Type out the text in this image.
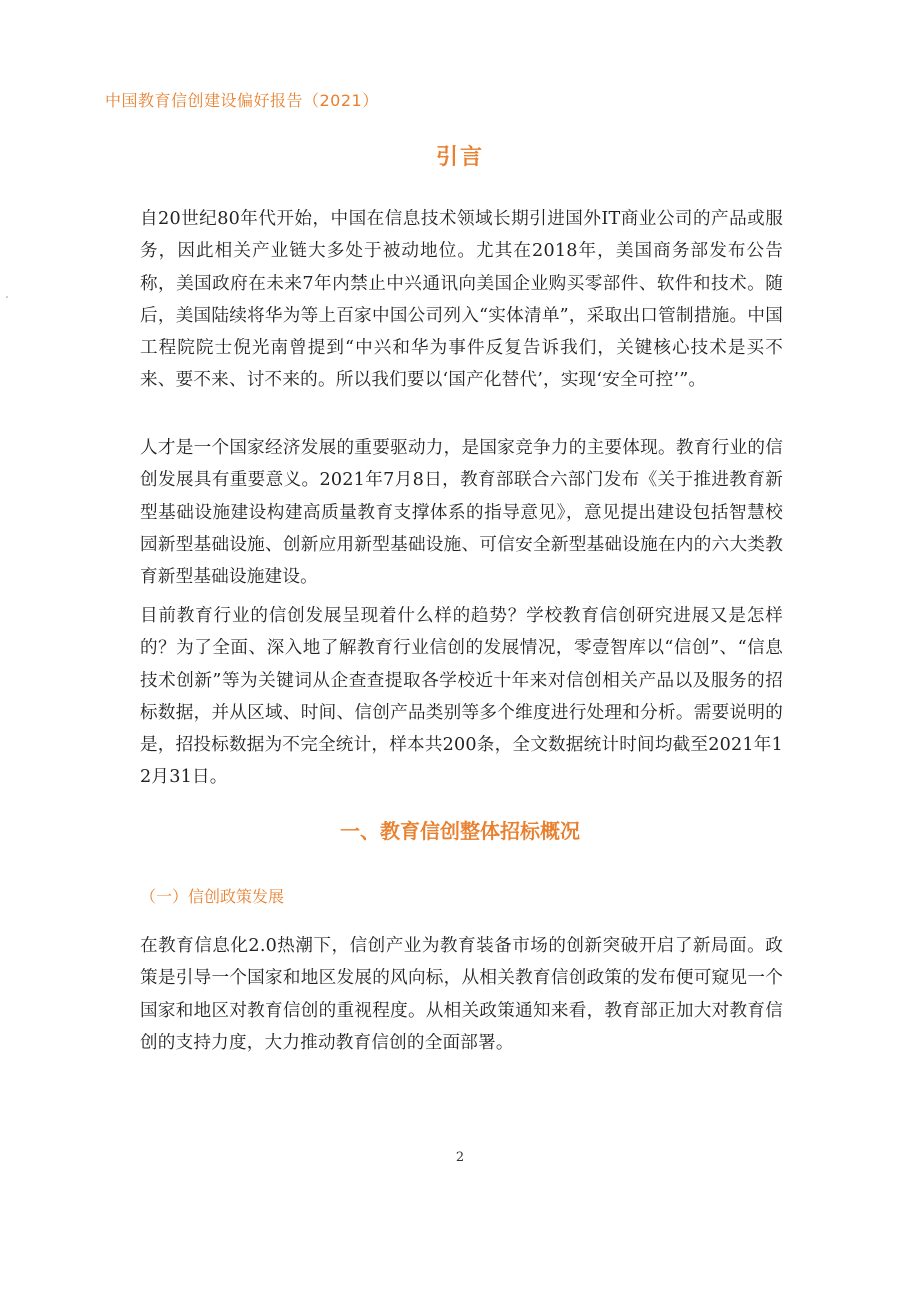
中国教育信创建设偏好报告（2021）
引言

自20世纪80年代开始，中国在信息技术领域长期引进国外IT商业公司的产品或服务，因此相关产业链大多处于被动地位。尤其在2018年，美国商务部发布公告称，美国政府在未来7年内禁止中兴通讯向美国企业购买零部件、软件和技术。随后，美国陆续将华为等上百家中国公司列入“实体清单”，采取出口管制措施。中国工程院院士倪光南曾提到“中兴和华为事件反复告诉我们，关键核心技术是买不来、要不来、讨不来的。所以我们要以‘国产化替代’，实现‘安全可控’”。

人才是一个国家经济发展的重要驱动力，是国家竞争力的主要体现。教育行业的信创发展具有重要意义。2021年7月8日，教育部联合六部门发布《关于推进教育新型基础设施建设构建高质量教育支撑体系的指导意见》，意见提出建设包括智慧校园新型基础设施、创新应用新型基础设施、可信安全新型基础设施在内的六大类教育新型基础设施建设。

目前教育行业的信创发展呈现着什么样的趋势？学校教育信创研究进展又是怎样的？为了全面、深入地了解教育行业信创的发展情况，零壹智库以“信创”、“信息技术创新”等为关键词从企查查提取各学校近十年来对信创相关产品以及服务的招标数据，并从区域、时间、信创产品类别等多个维度进行处理和分析。需要说明的是，招投标数据为不完全统计，样本共200条，全文数据统计时间均截至2021年12月31日。

一、教育信创整体招标概况
（一）信创政策发展

在教育信息化2.0热潮下，信创产业为教育装备市场的创新突破开启了新局面。政策是引导一个国家和地区发展的风向标，从相关教育信创政策的发布便可窥见一个国家和地区对教育信创的重视程度。从相关政策通知来看，教育部正加大对教育信创的支持力度，大力推动教育信创的全面部署。

2
